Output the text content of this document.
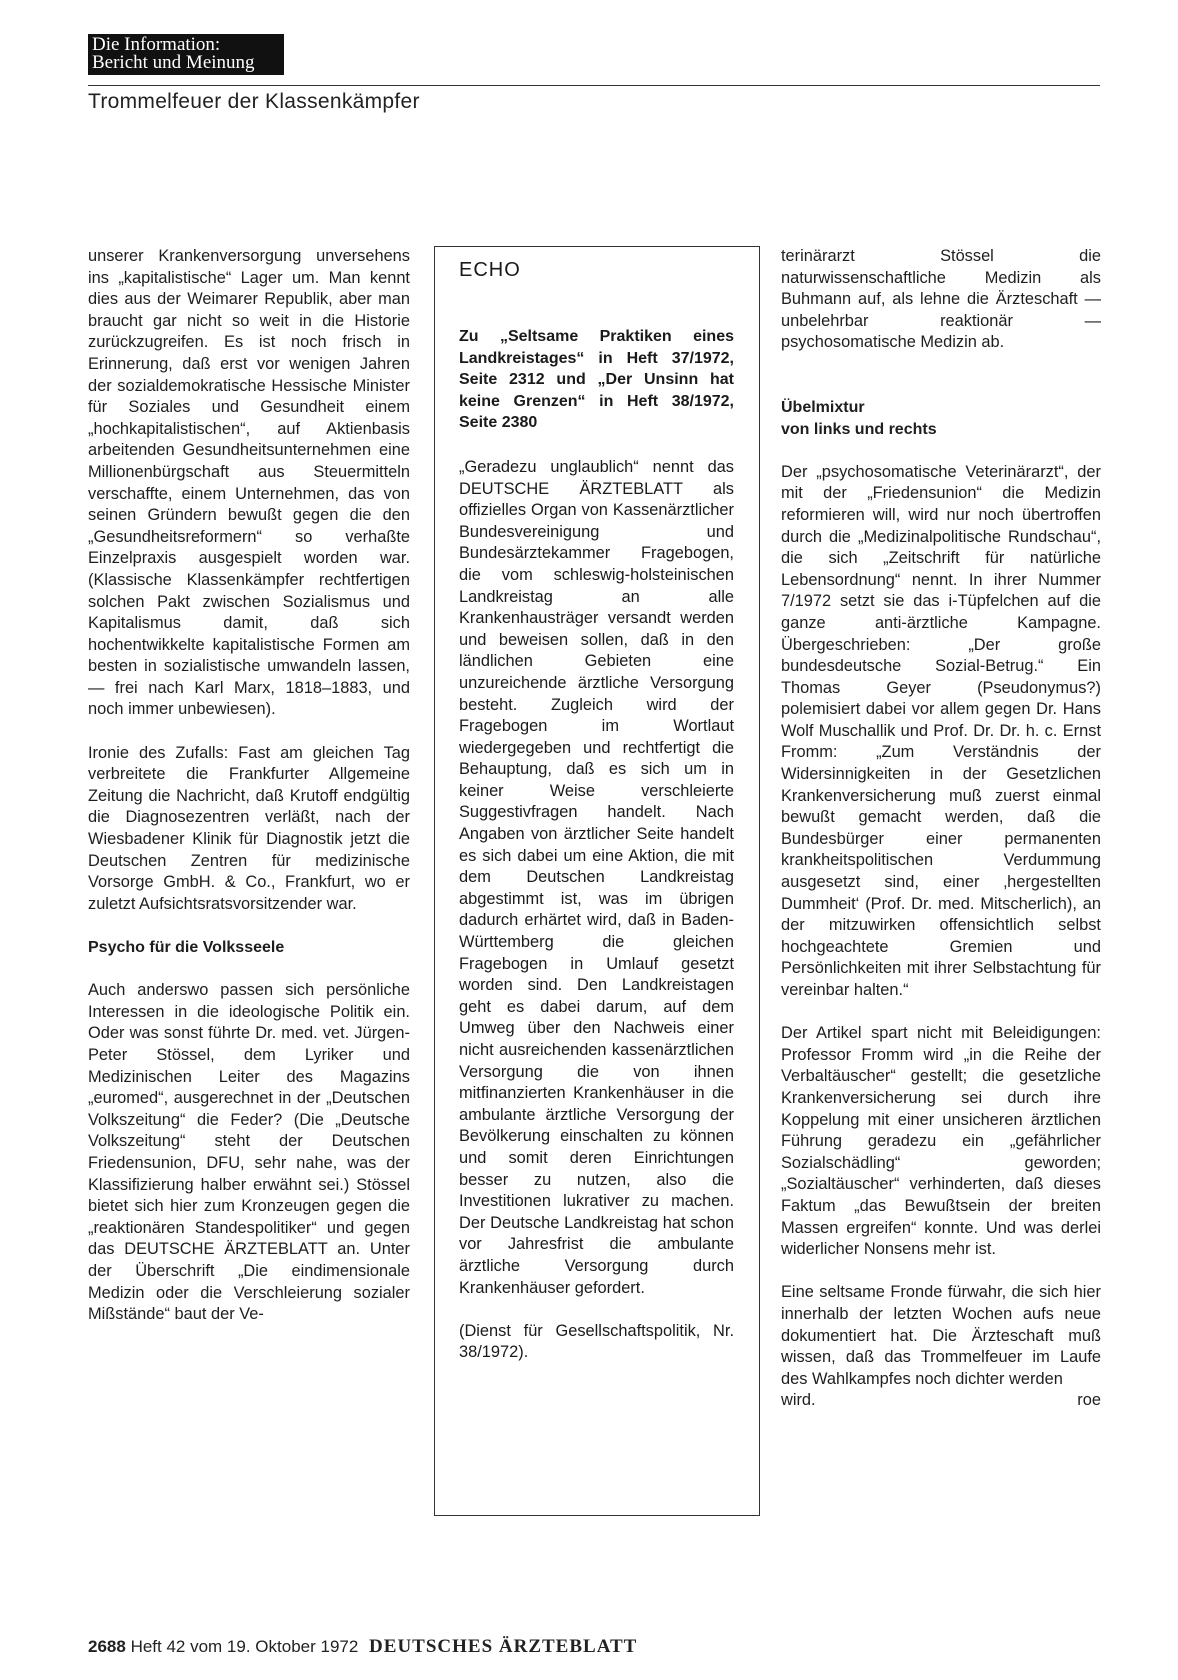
Die Information:
Bericht und Meinung
Trommelfeuer der Klassenkämpfer

unserer Krankenversorgung unversehens ins „kapitalistische“ Lager um. Man kennt dies aus der Weimarer Republik, aber man braucht gar nicht so weit in die Historie zurückzugreifen. Es ist noch frisch in Erinnerung, daß erst vor wenigen Jahren der sozialdemokratische Hessische Minister für Soziales und Gesundheit einem „hochkapitalistischen“, auf Aktienbasis arbeitenden Gesundheitsunternehmen eine Millionenbürgschaft aus Steuermitteln verschaffte, einem Unternehmen, das von seinen Gründern bewußt gegen die den „Gesundheitsreformern“ so verhaßte Einzelpraxis ausgespielt worden war. (Klassische Klassenkämpfer rechtfertigen solchen Pakt zwischen Sozialismus und Kapitalismus damit, daß sich hochentwikkelte kapitalistische Formen am besten in sozialistische umwandeln lassen, — frei nach Karl Marx, 1818–1883, und noch immer unbewiesen).

Ironie des Zufalls: Fast am gleichen Tag verbreitete die Frankfurter Allgemeine Zeitung die Nachricht, daß Krutoff endgültig die Diagnosezentren verläßt, nach der Wiesbadener Klinik für Diagnostik jetzt die Deutschen Zentren für medizinische Vorsorge GmbH. & Co., Frankfurt, wo er zuletzt Aufsichtsratsvorsitzender war.

Psycho für die Volksseele

Auch anderswo passen sich persönliche Interessen in die ideologische Politik ein. Oder was sonst führte Dr. med. vet. Jürgen-Peter Stössel, dem Lyriker und Medizinischen Leiter des Magazins „euromed“, ausgerechnet in der „Deutschen Volkszeitung“ die Feder? (Die „Deutsche Volkszeitung“ steht der Deutschen Friedensunion, DFU, sehr nahe, was der Klassifizierung halber erwähnt sei.) Stössel bietet sich hier zum Kronzeugen gegen die „reaktionären Standespolitiker“ und gegen das DEUTSCHE ÄRZTEBLATT an. Unter der Überschrift „Die eindimensionale Medizin oder die Verschleierung sozialer Mißstände“ baut der Ve-

ECHO
Zu „Seltsame Praktiken eines Landkreistages“ in Heft 37/1972, Seite 2312 und „Der Unsinn hat keine Grenzen“ in Heft 38/1972, Seite 2380
„Geradezu unglaublich“ nennt das DEUTSCHE ÄRZTEBLATT als offizielles Organ von Kassenärztlicher Bundesvereinigung und Bundesärztekammer Fragebogen, die vom schleswig-holsteinischen Landkreistag an alle Krankenhausträger versandt werden und beweisen sollen, daß in den ländlichen Gebieten eine unzureichende ärztliche Versorgung besteht. Zugleich wird der Fragebogen im Wortlaut wiedergegeben und rechtfertigt die Behauptung, daß es sich um in keiner Weise verschleierte Suggestivfragen handelt. Nach Angaben von ärztlicher Seite handelt es sich dabei um eine Aktion, die mit dem Deutschen Landkreistag abgestimmt ist, was im übrigen dadurch erhärtet wird, daß in Baden-Württemberg die gleichen Fragebogen in Umlauf gesetzt worden sind. Den Landkreistagen geht es dabei darum, auf dem Umweg über den Nachweis einer nicht ausreichenden kassenärztlichen Versorgung die von ihnen mitfinanzierten Krankenhäuser in die ambulante ärztliche Versorgung der Bevölkerung einschalten zu können und somit deren Einrichtungen besser zu nutzen, also die Investitionen lukrativer zu machen. Der Deutsche Landkreistag hat schon vor Jahresfrist die ambulante ärztliche Versorgung durch Krankenhäuser gefordert.
(Dienst für Gesellschaftspolitik, Nr. 38/1972).

terinärarzt Stössel die naturwissenschaftliche Medizin als Buhmann auf, als lehne die Ärzteschaft — unbelehrbar reaktionär — psychosomatische Medizin ab.

Übelmixtur
von links und rechts

Der „psychosomatische Veterinärarzt“, der mit der „Friedensunion“ die Medizin reformieren will, wird nur noch übertroffen durch die „Medizinalpolitische Rundschau“, die sich „Zeitschrift für natürliche Lebensordnung“ nennt. In ihrer Nummer 7/1972 setzt sie das i-Tüpfelchen auf die ganze anti-ärztliche Kampagne. Übergeschrieben: „Der große bundesdeutsche Sozial-Betrug.“ Ein Thomas Geyer (Pseudonymus?) polemisiert dabei vor allem gegen Dr. Hans Wolf Muschallik und Prof. Dr. Dr. h. c. Ernst Fromm: „Zum Verständnis der Widersinnigkeiten in der Gesetzlichen Krankenversicherung muß zuerst einmal bewußt gemacht werden, daß die Bundesbürger einer permanenten krankheitspolitischen Verdummung ausgesetzt sind, einer ‚hergestellten Dummheit‘ (Prof. Dr. med. Mitscherlich), an der mitzuwirken offensichtlich selbst hochgeachtete Gremien und Persönlichkeiten mit ihrer Selbstachtung für vereinbar halten.“

Der Artikel spart nicht mit Beleidigungen: Professor Fromm wird „in die Reihe der Verbaltäuscher“ gestellt; die gesetzliche Krankenversicherung sei durch ihre Koppelung mit einer unsicheren ärztlichen Führung geradezu ein „gefährlicher Sozialschädling“ geworden; „Sozialtäuscher“ verhinderten, daß dieses Faktum „das Bewußtsein der breiten Massen ergreifen“ konnte. Und was derlei widerlicher Nonsens mehr ist.

Eine seltsame Fronde fürwahr, die sich hier innerhalb der letzten Wochen aufs neue dokumentiert hat. Die Ärzteschaft muß wissen, daß das Trommelfeuer im Laufe des Wahlkampfes noch dichter werden

wird.	roe
2688 Heft 42 vom 19. Oktober 1972 DEUTSCHES ÄRZTEBLATT
